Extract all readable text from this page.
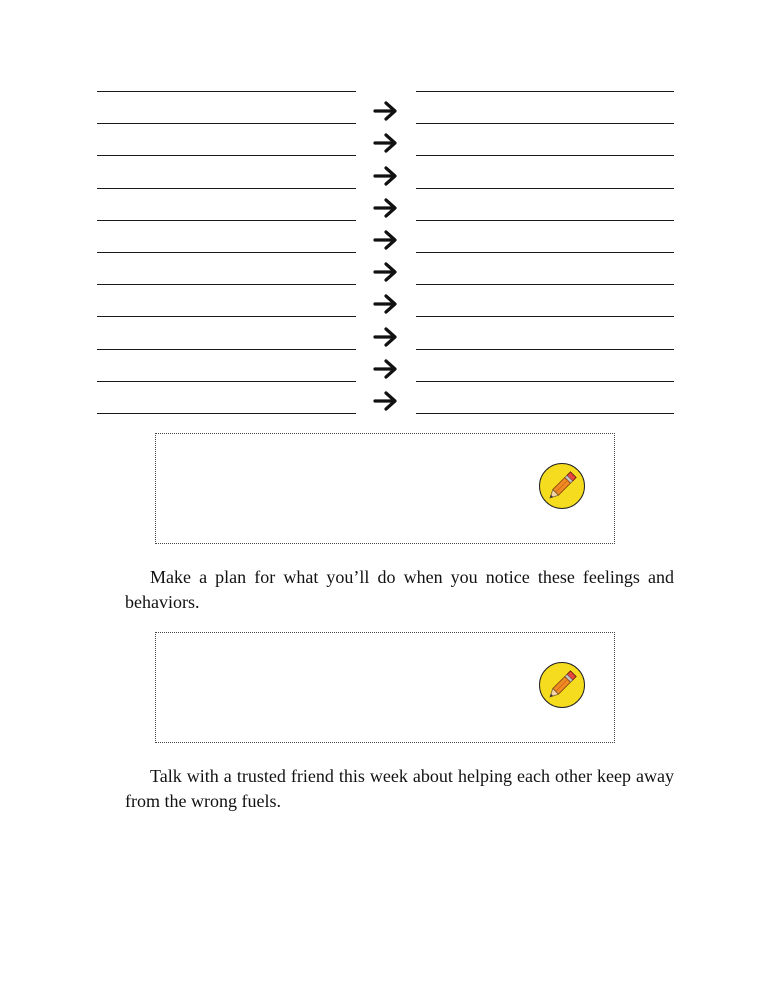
Make a plan for what you’ll do when you notice these feelings and behaviors.

Talk with a trusted friend this week about helping each other keep away from the wrong fuels.
